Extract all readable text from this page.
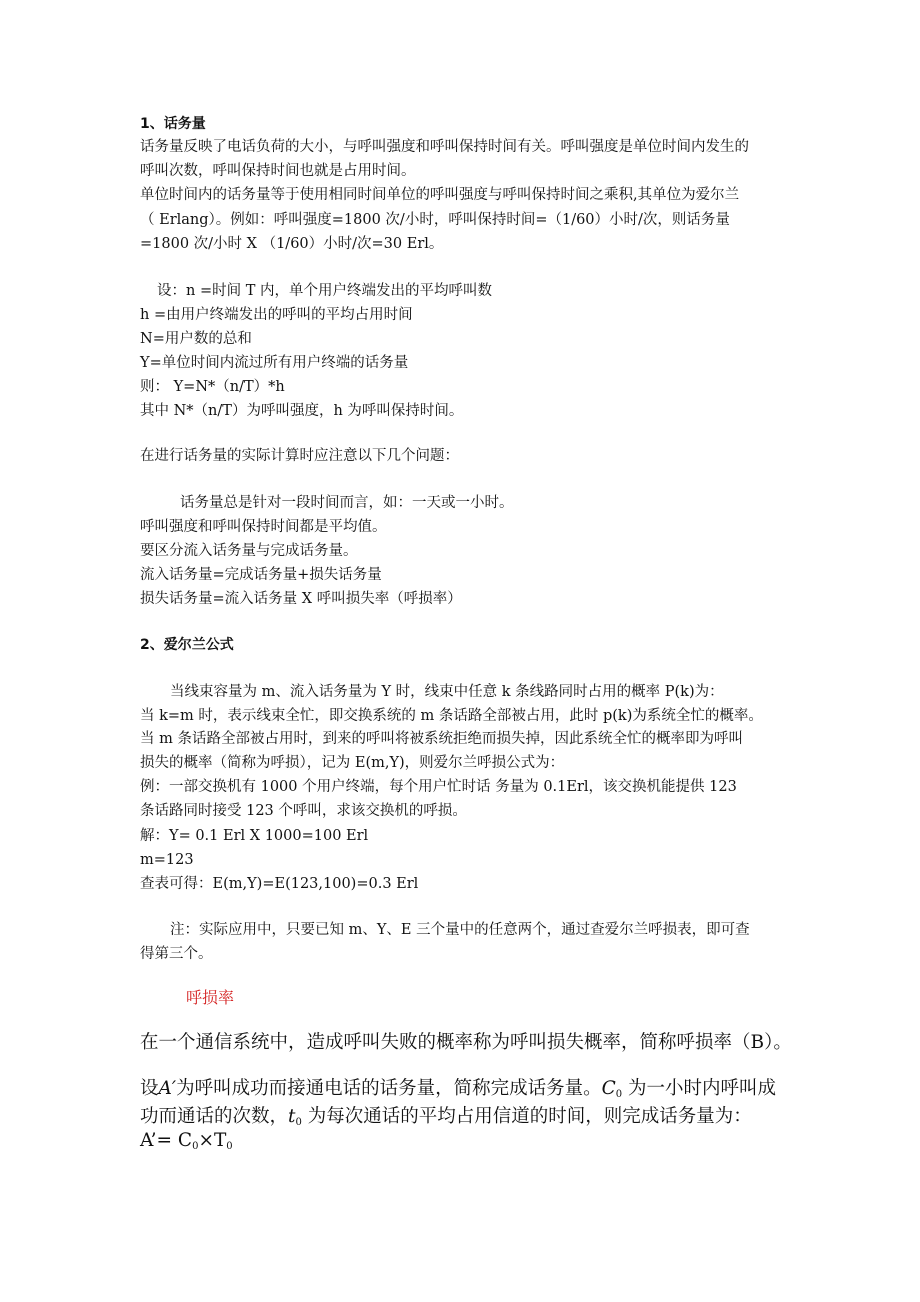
1、话务量
话务量反映了电话负荷的大小，与呼叫强度和呼叫保持时间有关。呼叫强度是单位时间内发生的
呼叫次数，呼叫保持时间也就是占用时间。
单位时间内的话务量等于使用相同时间单位的呼叫强度与呼叫保持时间之乘积,其单位为爱尔兰
（ Erlang）。例如：呼叫强度=1800 次/小时，呼叫保持时间=（1/60）小时/次，则话务量
=1800 次/小时 X （1/60）小时/次=30 Erl。
设：n =时间 T 内，单个用户终端发出的平均呼叫数
h =由用户终端发出的呼叫的平均占用时间
N=用户数的总和
Y=单位时间内流过所有用户终端的话务量
则： Y=N*（n/T）*h
其中 N*（n/T）为呼叫强度，h 为呼叫保持时间。
在进行话务量的实际计算时应注意以下几个问题：
话务量总是针对一段时间而言，如：一天或一小时。
呼叫强度和呼叫保持时间都是平均值。
要区分流入话务量与完成话务量。
流入话务量=完成话务量+损失话务量
损失话务量=流入话务量 X 呼叫损失率（呼损率）
2、爱尔兰公式
当线束容量为 m、流入话务量为 Y 时，线束中任意 k 条线路同时占用的概率 P(k)为：
当 k=m 时，表示线束全忙，即交换系统的 m 条话路全部被占用，此时 p(k)为系统全忙的概率。
当 m 条话路全部被占用时，到来的呼叫将被系统拒绝而损失掉，因此系统全忙的概率即为呼叫
损失的概率（简称为呼损），记为 E(m,Y)，则爱尔兰呼损公式为：
例：一部交换机有 1000 个用户终端，每个用户忙时话 务量为 0.1Erl，该交换机能提供 123
条话路同时接受 123 个呼叫，求该交换机的呼损。
解：Y= 0.1 Erl X 1000=100 Erl
m=123
查表可得：E(m,Y)=E(123,100)=0.3 Erl
注：实际应用中，只要已知 m、Y、E 三个量中的任意两个，通过查爱尔兰呼损表，即可查
得第三个。
呼损率
在一个通信系统中，造成呼叫失败的概率称为呼叫损失概率，简称呼损率（B）。
设A′为呼叫成功而接通电话的话务量，简称完成话务量。$C_0$ 为一小时内呼叫成
功而通话的次数，$t_0$ 为每次通话的平均占用信道的时间，则完成话务量为：
A’= $C_0\times T_0$
